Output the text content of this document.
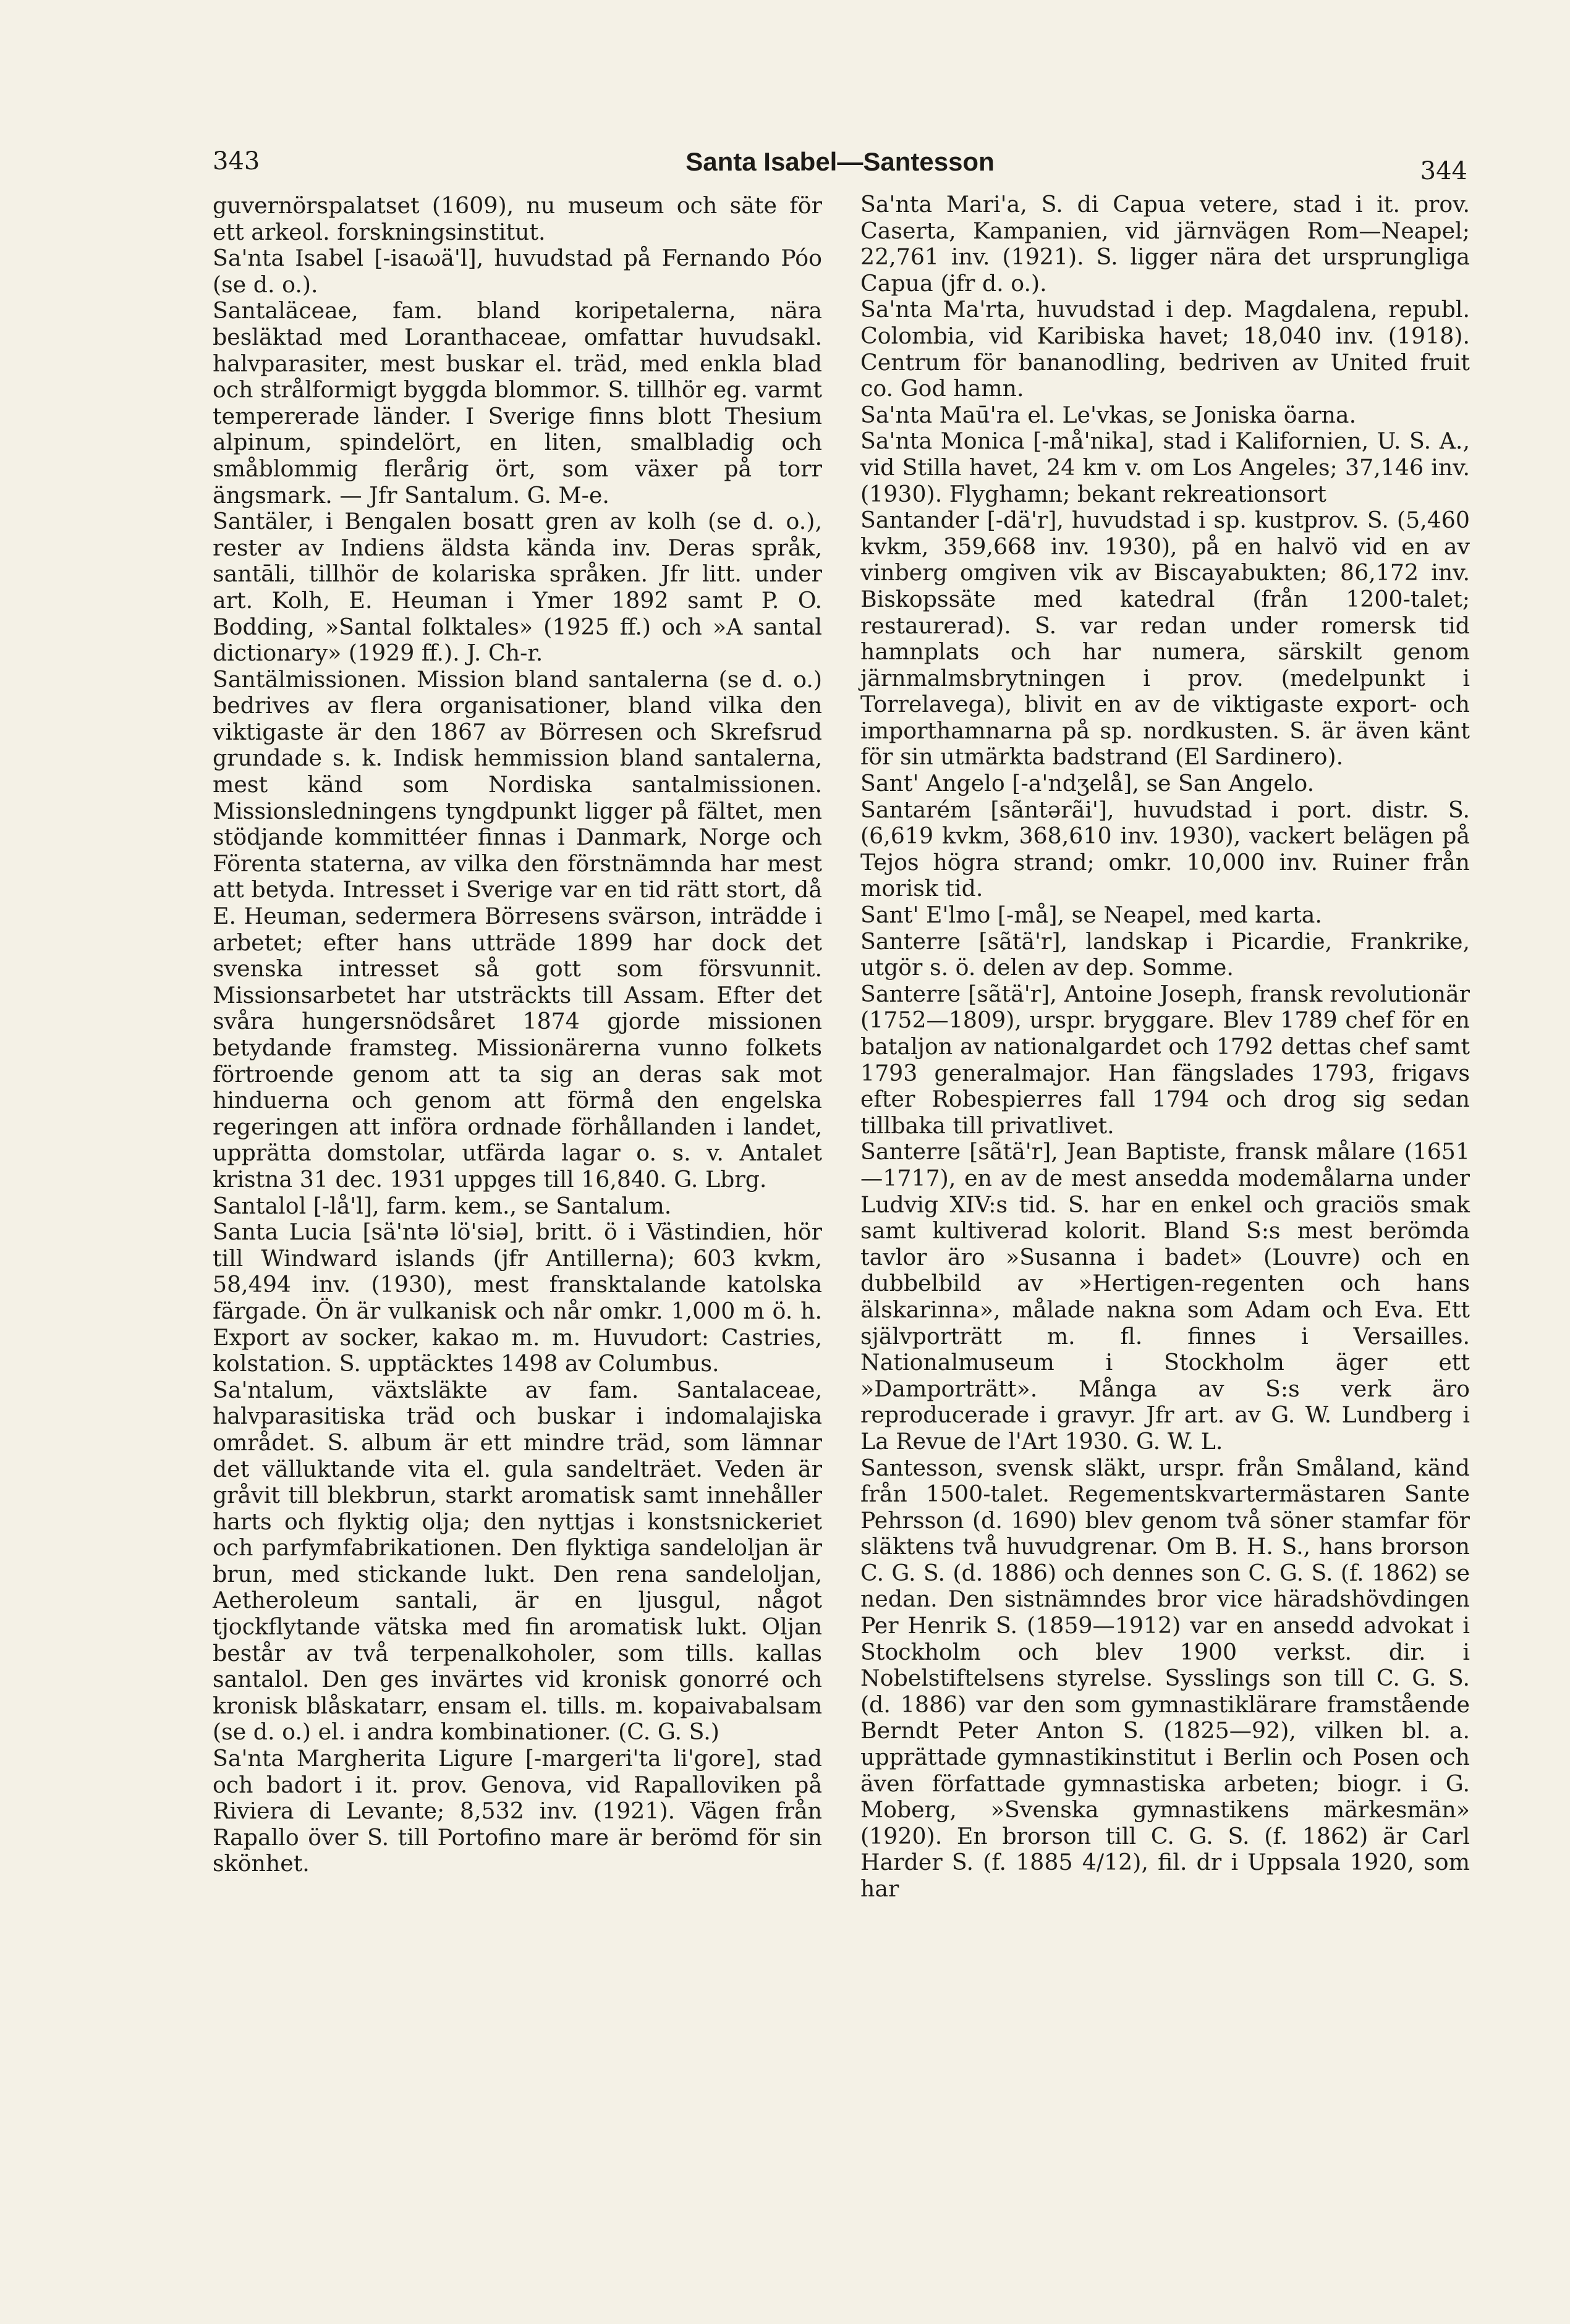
343	Santa Isabel—Santesson	344

guvernörspalatset (1609), nu museum och säte för ett arkeol. forskningsinstitut.

Sa'nta Isabel [-isaωä'l], huvudstad på Fernando Póo (se d. o.).

Santaläceae, fam. bland koripetalerna, nära besläktad med Loranthaceae, omfattar huvudsakl. halvparasiter, mest buskar el. träd, med enkla blad och strålformigt byggda blommor. S. tillhör eg. varmt tempererade länder. I Sverige finns blott Thesium alpinum, spindelört, en liten, smalbladig och småblommig flerårig ört, som växer på torr ängsmark. — Jfr Santalum. G. M-e.

Santäler, i Bengalen bosatt gren av kolh (se d. o.), rester av Indiens äldsta kända inv. Deras språk, santāli, tillhör de kolariska språken. Jfr litt. under art. Kolh, E. Heuman i Ymer 1892 samt P. O. Bodding, »Santal folktales» (1925 ff.) och »A santal dictionary» (1929 ff.). J. Ch-r.

Santälmissionen. Mission bland santalerna (se d. o.) bedrives av flera organisationer, bland vilka den viktigaste är den 1867 av Börresen och Skrefsrud grundade s. k. Indisk hemmission bland santalerna, mest känd som Nordiska santalmissionen. Missionsledningens tyngdpunkt ligger på fältet, men stödjande kommittéer finnas i Danmark, Norge och Förenta staterna, av vilka den förstnämnda har mest att betyda. Intresset i Sverige var en tid rätt stort, då E. Heuman, sedermera Börresens svärson, inträdde i arbetet; efter hans utträde 1899 har dock det svenska intresset så gott som försvunnit. Missionsarbetet har utsträckts till Assam. Efter det svåra hungersnödsåret 1874 gjorde missionen betydande framsteg. Missionärerna vunno folkets förtroende genom att ta sig an deras sak mot hinduerna och genom att förmå den engelska regeringen att införa ordnade förhållanden i landet, upprätta domstolar, utfärda lagar o. s. v. Antalet kristna 31 dec. 1931 uppges till 16,840. G. Lbrg.

Santalol [-lå'l], farm. kem., se Santalum.

Santa Lucia [sä'ntə lö'siə], britt. ö i Västindien, hör till Windward islands (jfr Antillerna); 603 kvkm, 58,494 inv. (1930), mest fransktalande katolska färgade. Ön är vulkanisk och når omkr. 1,000 m ö. h. Export av socker, kakao m. m. Huvudort: Castries, kolstation. S. upptäcktes 1498 av Columbus.

Sa'ntalum, växtsläkte av fam. Santalaceae, halvparasitiska träd och buskar i indomalajiska området. S. album är ett mindre träd, som lämnar det välluktande vita el. gula sandelträet. Veden är gråvit till blekbrun, starkt aromatisk samt innehåller harts och flyktig olja; den nyttjas i konstsnickeriet och parfymfabrikationen. Den flyktiga sandeloljan är brun, med stickande lukt. Den rena sandeloljan, Aetheroleum santali, är en ljusgul, något tjockflytande vätska med fin aromatisk lukt. Oljan består av två terpenalkoholer, som tills. kallas santalol. Den ges invärtes vid kronisk gonorré och kronisk blåskatarr, ensam el. tills. m. kopaivabalsam (se d. o.) el. i andra kombinationer. (C. G. S.)

Sa'nta Margherita Ligure [-margeri'ta li'gore], stad och badort i it. prov. Genova, vid Rapalloviken på Riviera di Levante; 8,532 inv. (1921). Vägen från Rapallo över S. till Portofino mare är berömd för sin skönhet.

Sa'nta Mari'a, S. di Capua vetere, stad i it. prov. Caserta, Kampanien, vid järnvägen Rom—Neapel; 22,761 inv. (1921). S. ligger nära det ursprungliga Capua (jfr d. o.).

Sa'nta Ma'rta, huvudstad i dep. Magdalena, republ. Colombia, vid Karibiska havet; 18,040 inv. (1918). Centrum för bananodling, bedriven av United fruit co. God hamn.

Sa'nta Maū'ra el. Le'vkas, se Joniska öarna.

Sa'nta Monica [-må'nika], stad i Kalifornien, U. S. A., vid Stilla havet, 24 km v. om Los Angeles; 37,146 inv. (1930). Flyghamn; bekant rekreationsort

Santander [-dä'r], huvudstad i sp. kustprov. S. (5,460 kvkm, 359,668 inv. 1930), på en halvö vid en av vinberg omgiven vik av Biscayabukten; 86,172 inv. Biskopssäte med katedral (från 1200-talet; restaurerad). S. var redan under romersk tid hamnplats och har numera, särskilt genom järnmalmsbrytningen i prov. (medelpunkt i Torrelavega), blivit en av de viktigaste export- och importhamnarna på sp. nordkusten. S. är även känt för sin utmärkta badstrand (El Sardinero).

Sant' Angelo [-a'ndʒelå], se San Angelo.

Santarém [sãntərãi'], huvudstad i port. distr. S. (6,619 kvkm, 368,610 inv. 1930), vackert belägen på Tejos högra strand; omkr. 10,000 inv. Ruiner från morisk tid.

Sant' E'lmo [-må], se Neapel, med karta.

Santerre [sãtä'r], landskap i Picardie, Frankrike, utgör s. ö. delen av dep. Somme.

Santerre [sãtä'r], Antoine Joseph, fransk revolutionär (1752—1809), urspr. bryggare. Blev 1789 chef för en bataljon av nationalgardet och 1792 dettas chef samt 1793 generalmajor. Han fängslades 1793, frigavs efter Robespierres fall 1794 och drog sig sedan tillbaka till privatlivet.

Santerre [sãtä'r], Jean Baptiste, fransk målare (1651—1717), en av de mest ansedda modemålarna under Ludvig XIV:s tid. S. har en enkel och graciös smak samt kultiverad kolorit. Bland S:s mest berömda tavlor äro »Susanna i badet» (Louvre) och en dubbelbild av »Hertigen-regenten och hans älskarinna», målade nakna som Adam och Eva. Ett självporträtt m. fl. finnes i Versailles. Nationalmuseum i Stockholm äger ett »Damporträtt». Många av S:s verk äro reproducerade i gravyr. Jfr art. av G. W. Lundberg i La Revue de l'Art 1930. G. W. L.

Santesson, svensk släkt, urspr. från Småland, känd från 1500-talet. Regementskvartermästaren Sante Pehrsson (d. 1690) blev genom två söner stamfar för släktens två huvudgrenar. Om B. H. S., hans brorson C. G. S. (d. 1886) och dennes son C. G. S. (f. 1862) se nedan. Den sistnämndes bror vice häradshövdingen Per Henrik S. (1859—1912) var en ansedd advokat i Stockholm och blev 1900 verkst. dir. i Nobelstiftelsens styrelse. Sysslings son till C. G. S. (d. 1886) var den som gymnastiklärare framstående Berndt Peter Anton S. (1825—92), vilken bl. a. upprättade gymnastikinstitut i Berlin och Posen och även författade gymnastiska arbeten; biogr. i G. Moberg, »Svenska gymnastikens märkesmän» (1920). En brorson till C. G. S. (f. 1862) är Carl Harder S. (f. 1885 4/12), fil. dr i Uppsala 1920, som har
